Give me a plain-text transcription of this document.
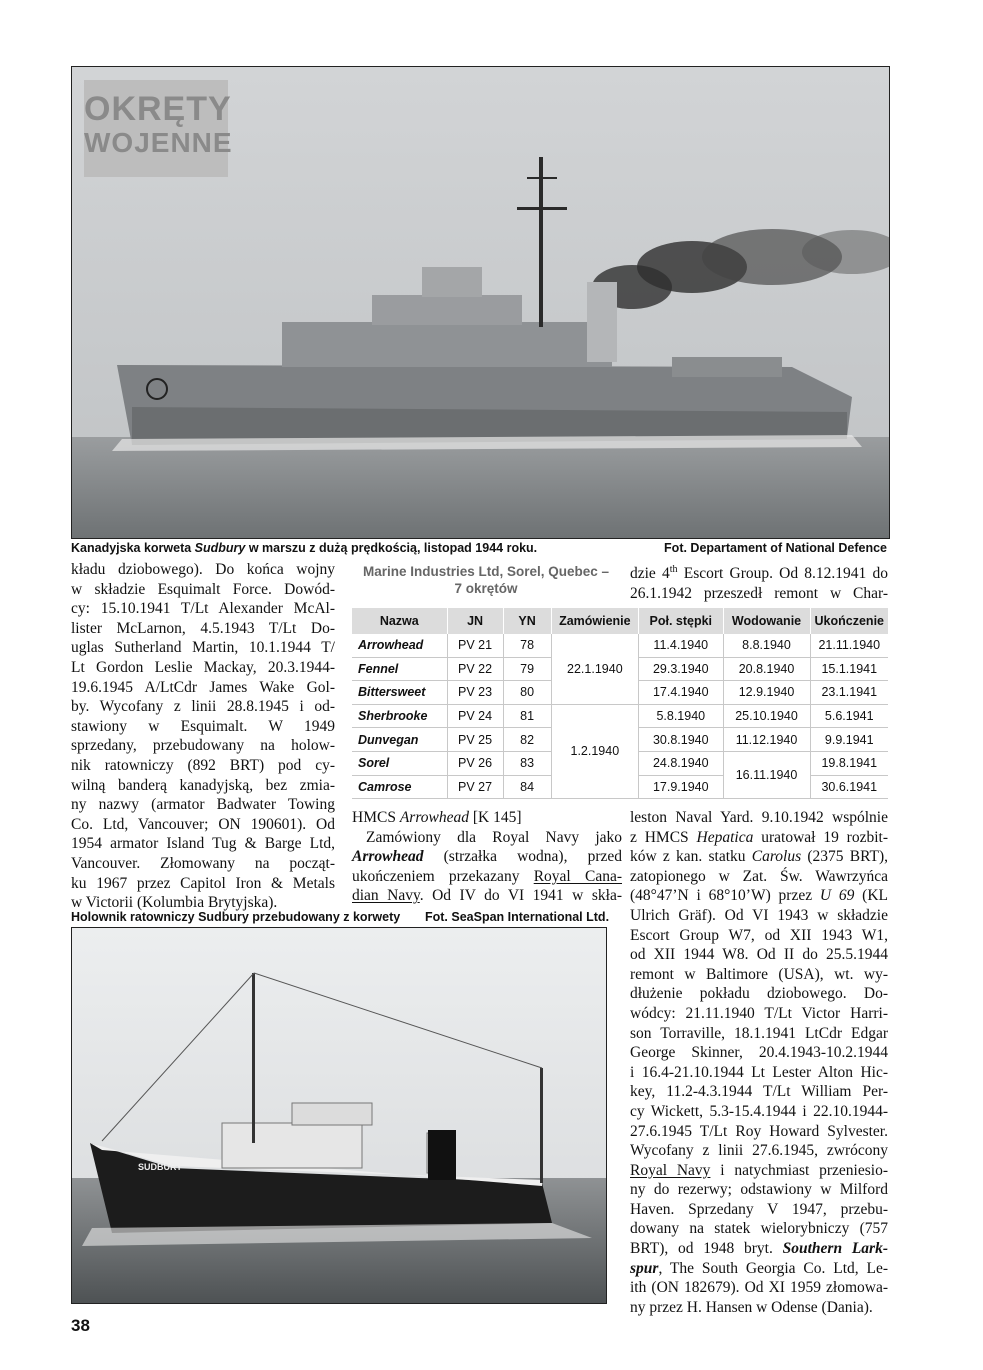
OKRĘTY
WOJENNE
Kanadyjska korweta Sudbury w marszu z dużą prędkością, listopad 1944 roku.	Fot. Departament of National Defence
kładu dziobowego). Do końca wojny
w składzie Esquimalt Force. Dowód-
cy: 15.10.1941 T/Lt Alexander McAl-
lister McLarnon, 4.5.1943 T/Lt Do-
uglas Sutherland Martin, 10.1.1944 T/
Lt Gordon Leslie Mackay, 20.3.1944-
19.6.1945 A/LtCdr James Wake Gol-
by. Wycofany z linii 28.8.1945 i od-
stawiony w Esquimalt. W 1949
sprzedany, przebudowany na holow-
nik ratowniczy (892 BRT) pod cy-
wilną banderą kanadyjską, bez zmia-
ny nazwy (armator Badwater Towing
Co. Ltd, Vancouver; ON 190601). Od
1954 armator Island Tug & Barge Ltd,
Vancouver. Złomowany na począt-
ku 1967 przez Capitol Iron & Metals
w Victorii (Kolumbia Brytyjska).
Marine Industries Ltd, Sorel, Quebec –
7 okrętów
dzie 4th Escort Group. Od 8.12.1941 do
26.1.1942 przeszedł remont w Char-
Nazwa	JN	YN	Zamówienie	Poł. stępki	Wodowanie	Ukończenie
Arrowhead	PV 21	78	22.1.1940	11.4.1940	8.8.1940	21.11.1940
Fennel	PV 22	79		29.3.1940	20.8.1940	15.1.1941
Bittersweet	PV 23	80		17.4.1940	12.9.1940	23.1.1941
Sherbrooke	PV 24	81	1.2.1940	5.8.1940	25.10.1940	5.6.1941
Dunvegan	PV 25	82		30.8.1940	11.12.1940	9.9.1941
Sorel	PV 26	83		24.8.1940	16.11.1940	19.8.1941
Camrose	PV 27	84		17.9.1940		30.6.1941
HMCS Arrowhead [K 145]
Zamówiony dla Royal Navy jako
Arrowhead (strzałka wodna), przed
ukończeniem przekazany Royal Cana-
dian Navy. Od IV do VI 1941 w skła-
leston Naval Yard. 9.10.1942 wspólnie
z HMCS Hepatica uratował 19 rozbit-
ków z kan. statku Carolus (2375 BRT),
zatopionego w Zat. Św. Wawrzyńca
(48°47’N i 68°10’W) przez U 69 (KL
Ulrich Gräf). Od VI 1943 w składzie
Escort Group W7, od XII 1943 W1,
od XII 1944 W8. Od II do 25.5.1944
remont w Baltimore (USA), wt. wy-
dłużenie pokładu dziobowego. Do-
wódcy: 21.11.1940 T/Lt Victor Harri-
son Torraville, 18.1.1941 LtCdr Edgar
George Skinner, 20.4.1943-10.2.1944
i 16.4-21.10.1944 Lt Lester Alton Hic-
key, 11.2-4.3.1944 T/Lt William Per-
cy Wickett, 5.3-15.4.1944 i 22.10.1944-
27.6.1945 T/Lt Roy Howard Sylvester.
Wycofany z linii 27.6.1945, zwrócony
Royal Navy i natychmiast przeniesio-
ny do rezerwy; odstawiony w Milford
Haven. Sprzedany V 1947, przebu-
dowany na statek wielorybniczy (757
BRT), od 1948 bryt. Southern Lark-
spur, The South Georgia Co. Ltd, Le-
ith (ON 182679). Od XI 1959 złomowa-
ny przez H. Hansen w Odense (Dania).
Holownik ratowniczy Sudbury przebudowany z korwety Fot. SeaSpan International Ltd.
SUDBURY
38
